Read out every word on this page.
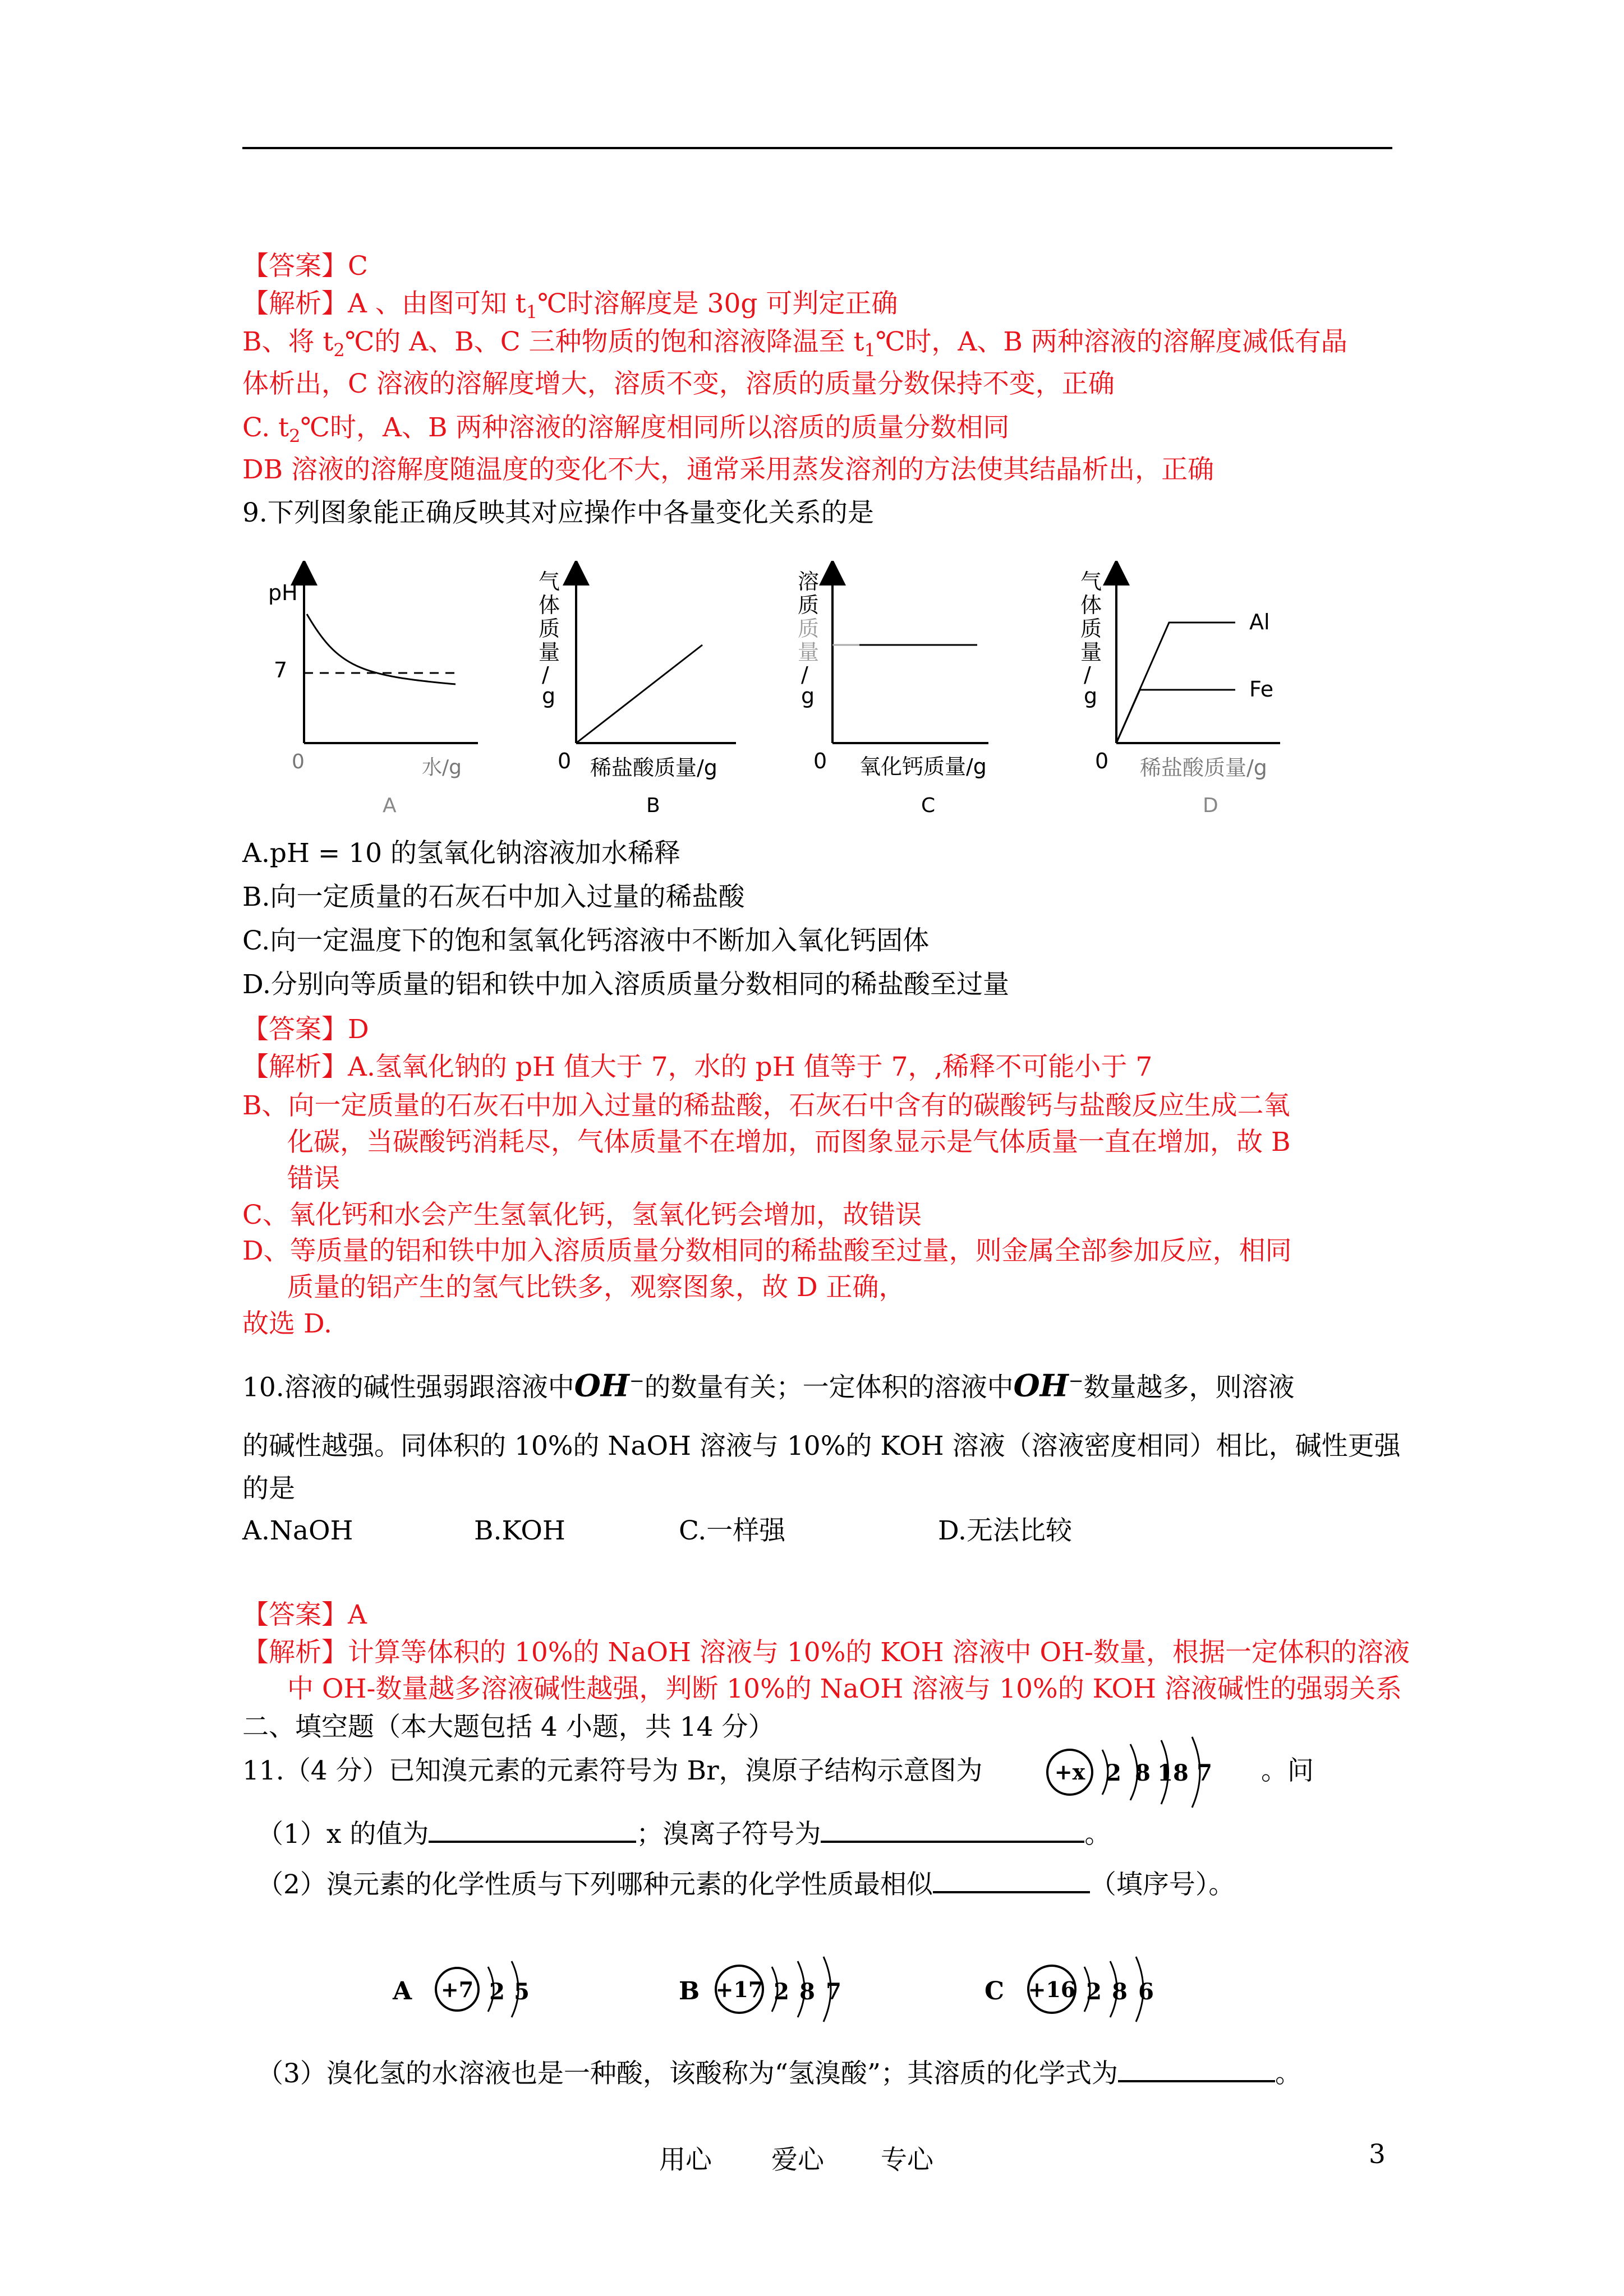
【答案】C
【解析】A 、由图可知 $t_1℃$时溶解度是 30g 可判定正确
B、将 $t_2℃$的 A、B、C 三种物质的饱和溶液降温至 $t_1℃$时，A、B 两种溶液的溶解度减低有晶
体析出，C 溶液的溶解度增大，溶质不变，溶质的质量分数保持不变，正确
C. $t_2℃$时，A、B 两种溶液的溶解度相同所以溶质的质量分数相同
DB 溶液的溶解度随温度的变化不大，通常采用蒸发溶剂的方法使其结晶析出，正确
9.下列图象能正确反映其对应操作中各量变化关系的是
pH
7
0	水/g
A
气
体
质
量
/
g
0 稀盐酸质量/g
B
溶
质
质
量
/
g
0 氧化钙质量/g
C
气
体
质
量
/
g
Al
Fe
0 稀盐酸质量/g
D
A.pH = 10 的氢氧化钠溶液加水稀释
B.向一定质量的石灰石中加入过量的稀盐酸
C.向一定温度下的饱和氢氧化钙溶液中不断加入氧化钙固体
D.分别向等质量的铝和铁中加入溶质质量分数相同的稀盐酸至过量
【答案】D
【解析】A.氢氧化钠的 pH 值大于 7，水的 pH 值等于 7，,稀释不可能小于 7
B、向一定质量的石灰石中加入过量的稀盐酸，石灰石中含有的碳酸钙与盐酸反应生成二氧
化碳，当碳酸钙消耗尽，气体质量不在增加，而图象显示是气体质量一直在增加，故 B
错误
C、氧化钙和水会产生氢氧化钙，氢氧化钙会增加，故错误
D、等质量的铝和铁中加入溶质质量分数相同的稀盐酸至过量，则金属全部参加反应，相同
质量的铝产生的氢气比铁多，观察图象，故 D 正确，
故选 D.
10.溶液的碱性强弱跟溶液中OH−的数量有关；一定体积的溶液中OH−数量越多，则溶液
的碱性越强。同体积的 10%的 NaOH 溶液与 10%的 KOH 溶液（溶液密度相同）相比，碱性更强
的是
A.NaOH	B.KOH	C.一样强	D.无法比较
【答案】A
【解析】计算等体积的 10%的 NaOH 溶液与 10%的 KOH 溶液中 OH-数量，根据一定体积的溶液
中 OH-数量越多溶液碱性越强，判断 10%的 NaOH 溶液与 10%的 KOH 溶液碱性的强弱关系
二、填空题（本大题包括 4 小题，共 14 分）
11.（4 分）已知溴元素的元素符号为 Br，溴原子结构示意图为	+x 2 8 18 7 。问
（1）x 的值为	；溴离子符号为	。
（2）溴元素的化学性质与下列哪种元素的化学性质最相似	（填序号）。
A +7 2 5	B +17 2 8 7	C +16 2 8 6
（3）溴化氢的水溶液也是一种酸，该酸称为“氢溴酸”；其溶质的化学式为	。
用心 爱心 专心	3
